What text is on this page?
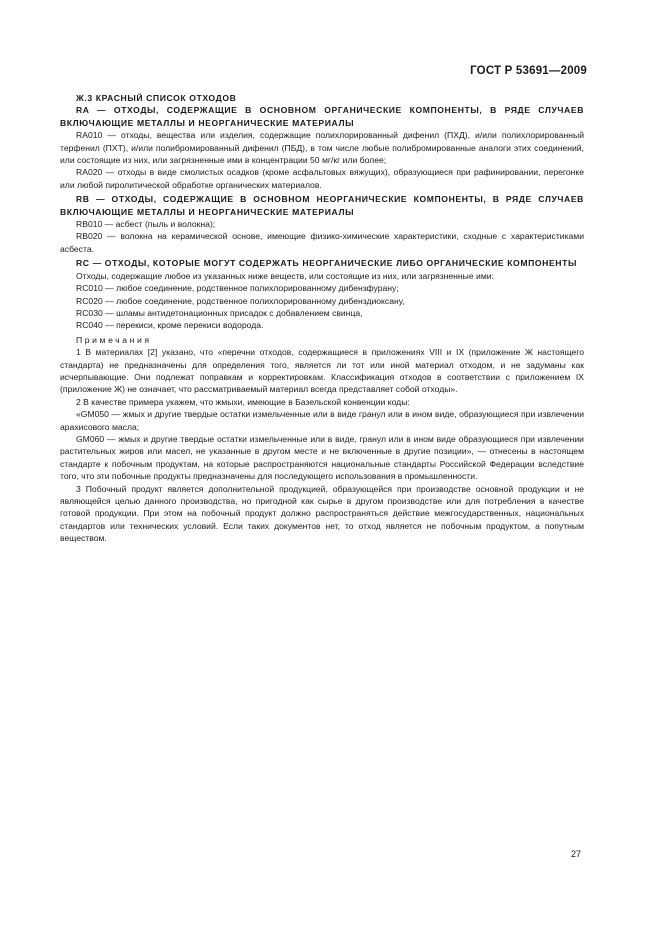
ГОСТ Р 53691—2009

Ж.3 КРАСНЫЙ СПИСОК ОТХОДОВ

RA — ОТХОДЫ, СОДЕРЖАЩИЕ В ОСНОВНОМ ОРГАНИЧЕСКИЕ КОМПОНЕНТЫ, В РЯДЕ СЛУЧАЕВ ВКЛЮЧАЮЩИЕ МЕТАЛЛЫ И НЕОРГАНИЧЕСКИЕ МАТЕРИАЛЫ

RA010 — отходы, вещества или изделия, содержащие полихлорированный дифенил (ПХД), и/или полихлорированный терфенил (ПХТ), и/или полибромированный дифенил (ПБД), в том числе любые полибромированные аналоги этих соединений, или состоящие из них, или загрязненные ими в концентрации 50 мг/кг или более;

RA020 — отходы в виде смолистых осадков (кроме асфальтовых вяжущих), образующиеся при рафинировании, перегонке или любой пиролитической обработке органических материалов.

RB — ОТХОДЫ, СОДЕРЖАЩИЕ В ОСНОВНОМ НЕОРГАНИЧЕСКИЕ КОМПОНЕНТЫ, В РЯДЕ СЛУЧАЕВ ВКЛЮЧАЮЩИЕ МЕТАЛЛЫ И НЕОРГАНИЧЕСКИЕ МАТЕРИАЛЫ

RB010 — асбест (пыль и волокна);

RB020 — волокна на керамической основе, имеющие физико-химические характеристики, сходные с характеристиками асбеста.

RC — ОТХОДЫ, КОТОРЫЕ МОГУТ СОДЕРЖАТЬ НЕОРГАНИЧЕСКИЕ ЛИБО ОРГАНИЧЕСКИЕ КОМПОНЕНТЫ

Отходы, содержащие любое из указанных ниже веществ, или состоящие из них, или загрязненные ими:

RC010 — любое соединение, родственное полихлорированному дибензфурану;

RC020 — любое соединение, родственное полихлорированному дибенздиоксану,

RC030 — шламы антидетонационных присадок с добавлением свинца,

RC040 — перекиси, кроме перекиси водорода.

Примечания

1 В материалах [2] указано, что «перечни отходов, содержащиеся в приложениях VIII и IX (приложение Ж настоящего стандарта) не предназначены для определения того, является ли тот или иной материал отходом, и не задуманы как исчерпывающие. Они подлежат поправкам и корректировкам. Классификация отходов в соответствии с приложением IX (приложение Ж) не означает, что рассматриваемый материал всегда представляет собой отходы».

2 В качестве примера укажем, что жмыхи, имеющие в Базельской конвенции коды:

«GM050 — жмых и другие твердые остатки измельченные или в виде гранул или в ином виде, образующиеся при извлечении арахисового масла;

GM060 — жмых и другие твердые остатки измельченные или в виде, гранул или в ином виде образующиеся при извлечении растительных жиров или масел, не указанные в другом месте и не включенные в другие позиции», — отнесены в настоящем стандарте к побочным продуктам, на которые распространяются национальные стандарты Российской Федерации вследствие того, что эти побочные продукты предназначены для последующего использования в промышленности.

3 Побочный продукт является дополнительной продукцией, образующейся при производстве основной продукции и не являющейся целью данного производства, но пригодной как сырье в другом производстве или для потребления в качестве готовой продукции. При этом на побочный продукт должно распространяться действие межгосударственных, национальных стандартов или технических условий. Если таких документов нет, то отход является не побочным продуктом, а попутным веществом.

27
